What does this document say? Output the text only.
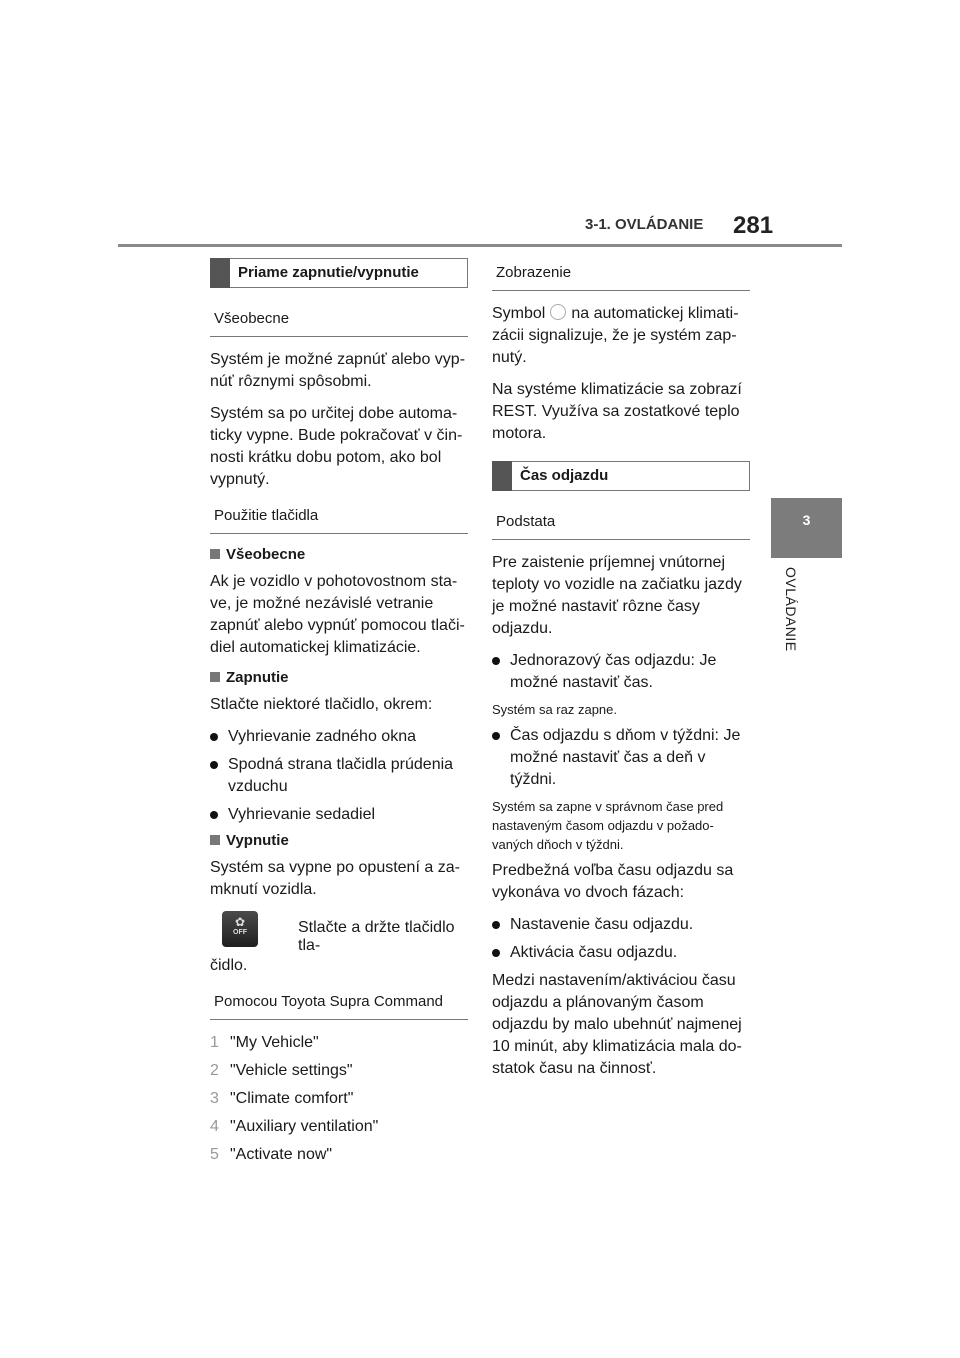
3-1. OVLÁDANIE 281
3
OVLÁDANIE
Priame zapnutie/vypnutie
Všeobecne

Systém je možné zapnúť alebo vyp-núť rôznymi spôsobmi.

Systém sa po určitej dobe automa-ticky vypne. Bude pokračovať v čin-nosti krátku dobu potom, ako bol vypnutý.

Použitie tlačidla
Všeobecne

Ak je vozidlo v pohotovostnom sta-ve, je možné nezávislé vetranie zapnúť alebo vypnúť pomocou tlači-diel automatickej klimatizácie.

Zapnutie

Stlačte niektoré tlačidlo, okrem:

Vyhrievanie zadného okna
Spodná strana tlačidla prúdenia vzduchu
Vyhrievanie sedadiel
Vypnutie

Systém sa vypne po opustení a za-mknutí vozidla.

✿
OFF	Stlačte a držte tlačidlo tla-

čidlo.

Pomocou Toyota Supra Command
1 "My Vehicle"
2 "Vehicle settings"
3 "Climate comfort"
4 "Auxiliary ventilation"
5 "Activate now"
Zobrazenie

Symbol na automatickej klimati-zácii signalizuje, že je systém zap-nutý.

Na systéme klimatizácie sa zobrazí REST. Využíva sa zostatkové teplo motora.

Čas odjazdu
Podstata

Pre zaistenie príjemnej vnútornej teploty vo vozidle na začiatku jazdy je možné nastaviť rôzne časy odjazdu.

Jednorazový čas odjazdu: Je možné nastaviť čas.

Systém sa raz zapne.

Čas odjazdu s dňom v týždni: Je možné nastaviť čas a deň v týždni.

Systém sa zapne v správnom čase pred nastaveným časom odjazdu v požado-vaných dňoch v týždni.

Predbežná voľba času odjazdu sa vykonáva vo dvoch fázach:

Nastavenie času odjazdu.
Aktivácia času odjazdu.

Medzi nastavením/aktiváciou času odjazdu a plánovaným časom odjazdu by malo ubehnúť najmenej 10 minút, aby klimatizácia mala do-statok času na činnosť.
